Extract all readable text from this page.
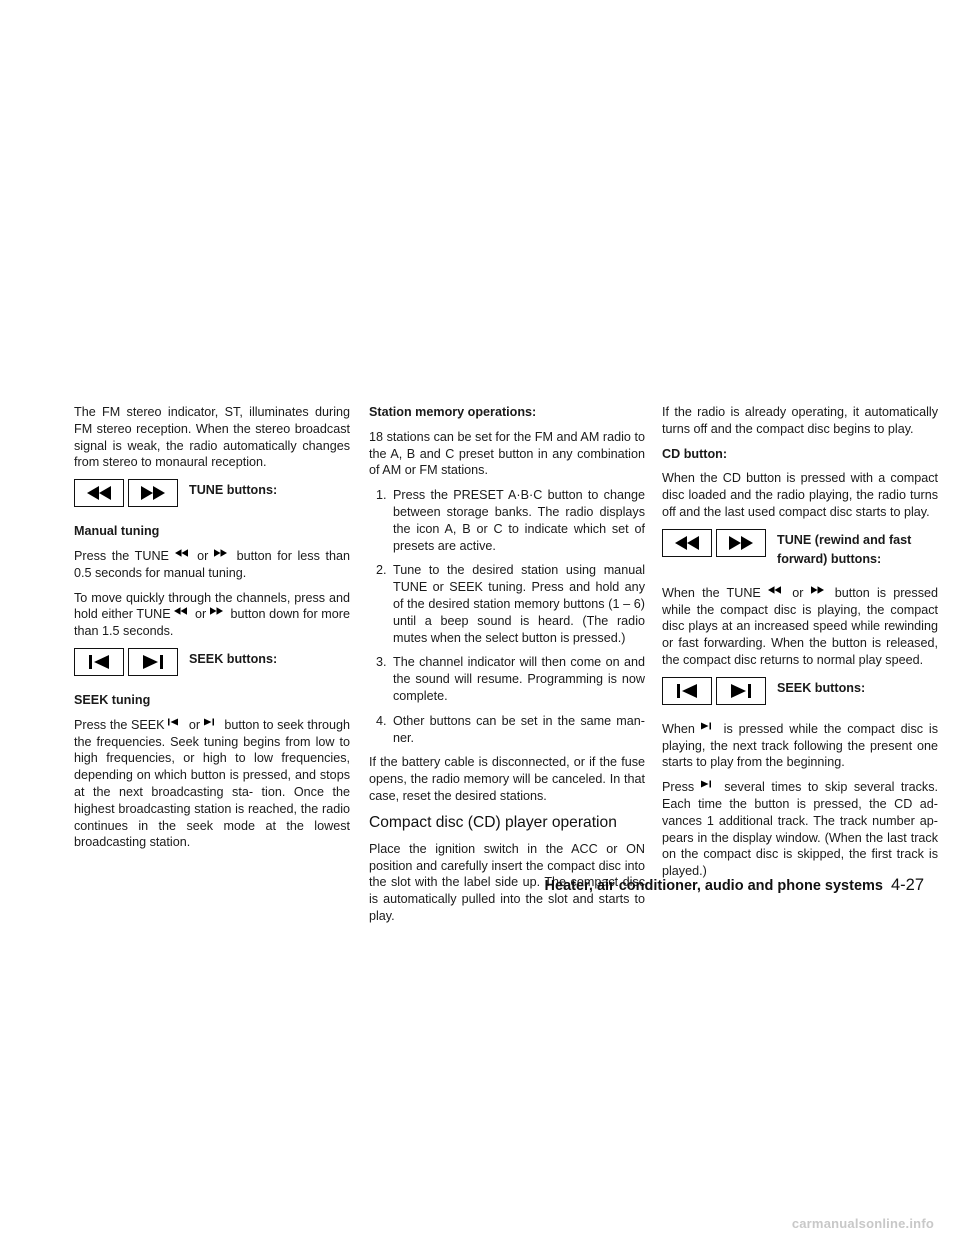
The FM stereo indicator, ST, illuminates during FM stereo reception. When the stereo broadcast signal is weak, the radio automatically changes from stereo to monaural reception.

TUNE buttons:
Manual tuning

Press the TUNE or button for less than 0.5 seconds for manual tuning.

To move quickly through the channels, press and hold either TUNE or button down for more than 1.5 seconds.

SEEK buttons:
SEEK tuning

Press the SEEK or button to seek through the frequencies. Seek tuning begins from low to high frequencies, or high to low frequencies, depending on which button is pressed, and stops at the next broadcasting sta- tion. Once the highest broadcasting station is reached, the radio continues in the seek mode at the lowest broadcasting station.

Station memory operations:

18 stations can be set for the FM and AM radio to the A, B and C preset button in any combination of AM or FM stations.

1. Press the PRESET A·B·C button to change between storage banks. The radio displays the icon A, B or C to indicate which set of presets are active.
2. Tune to the desired station using manual TUNE or SEEK tuning. Press and hold any of the desired station memory buttons (1 – 6) until a beep sound is heard. (The radio mutes when the select button is pressed.)
3. The channel indicator will then come on and the sound will resume. Programming is now complete.
4. Other buttons can be set in the same man- ner.

If the battery cable is disconnected, or if the fuse opens, the radio memory will be canceled. In that case, reset the desired stations.

Compact disc (CD) player operation

Place the ignition switch in the ACC or ON position and carefully insert the compact disc into the slot with the label side up. The compact disc is automatically pulled into the slot and starts to play.

If the radio is already operating, it automatically turns off and the compact disc begins to play.

CD button:

When the CD button is pressed with a compact disc loaded and the radio playing, the radio turns off and the last used compact disc starts to play.

TUNE (rewind and fast forward) buttons:

When the TUNE or button is pressed while the compact disc is playing, the compact disc plays at an increased speed while rewinding or fast forwarding. When the button is released, the compact disc returns to normal play speed.

SEEK buttons:

When is pressed while the compact disc is playing, the next track following the present one starts to play from the beginning.

Press several times to skip several tracks. Each time the button is pressed, the CD ad- vances 1 additional track. The track number ap- pears in the display window. (When the last track on the compact disc is skipped, the first track is played.)

Heater, air conditioner, audio and phone systems 4-27
carmanualsonline.info
